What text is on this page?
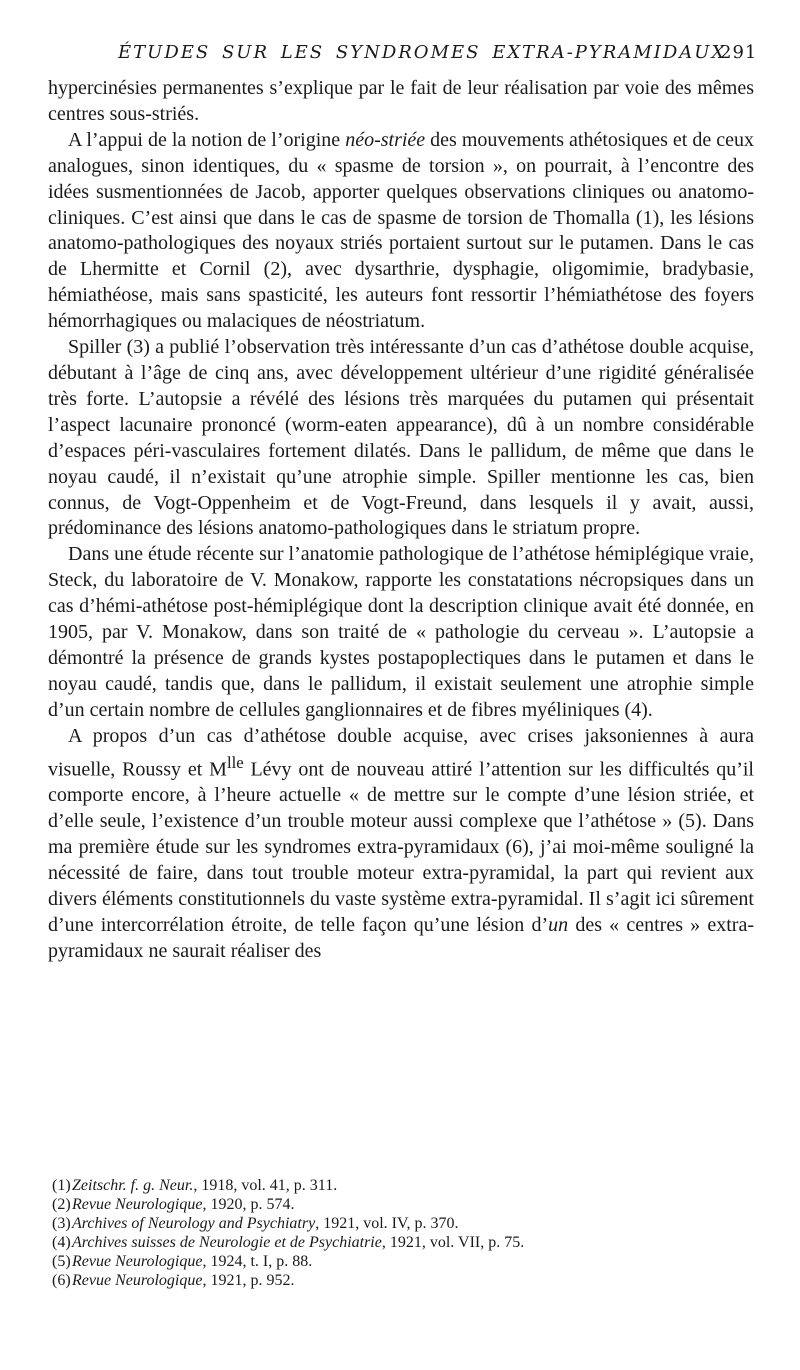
ÉTUDES SUR LES SYNDROMES EXTRA-PYRAMIDAUX
291

hypercinésies permanentes s’explique par le fait de leur réalisation par voie des mêmes centres sous-striés.

A l’appui de la notion de l’origine néo-striée des mouvements athétosiques et de ceux analogues, sinon identiques, du « spasme de torsion », on pourrait, à l’encontre des idées susmentionnées de Jacob, apporter quelques observations cliniques ou anatomo-cliniques. C’est ainsi que dans le cas de spasme de torsion de Thomalla (1), les lésions anatomo-pathologiques des noyaux striés portaient surtout sur le putamen. Dans le cas de Lhermitte et Cornil (2), avec dysarthrie, dysphagie, oligomimie, bradybasie, hémiathéose, mais sans spasticité, les auteurs font ressortir l’hémiathétose des foyers hémorrhagiques ou malaciques de néostriatum.

Spiller (3) a publié l’observation très intéressante d’un cas d’athétose double acquise, débutant à l’âge de cinq ans, avec développement ultérieur d’une rigidité généralisée très forte. L’autopsie a révélé des lésions très marquées du putamen qui présentait l’aspect lacunaire prononcé (worm-eaten appearance), dû à un nombre considérable d’espaces péri-vasculaires fortement dilatés. Dans le pallidum, de même que dans le noyau caudé, il n’existait qu’une atrophie simple. Spiller mentionne les cas, bien connus, de Vogt-Oppenheim et de Vogt-Freund, dans lesquels il y avait, aussi, prédominance des lésions anatomo-pathologiques dans le striatum propre.

Dans une étude récente sur l’anatomie pathologique de l’athétose hémiplégique vraie, Steck, du laboratoire de V. Monakow, rapporte les constatations nécropsiques dans un cas d’hémi-athétose post-hémiplégique dont la description clinique avait été donnée, en 1905, par V. Monakow, dans son traité de « pathologie du cerveau ». L’autopsie a démontré la présence de grands kystes postapoplectiques dans le putamen et dans le noyau caudé, tandis que, dans le pallidum, il existait seulement une atrophie simple d’un certain nombre de cellules ganglionnaires et de fibres myéliniques (4).

A propos d’un cas d’athétose double acquise, avec crises jaksoniennes à aura visuelle, Roussy et $M^{lle}$ Lévy ont de nouveau attiré l’attention sur les difficultés qu’il comporte encore, à l’heure actuelle « de mettre sur le compte d’une lésion striée, et d’elle seule, l’existence d’un trouble moteur aussi complexe que l’athétose » (5). Dans ma première étude sur les syndromes extra-pyramidaux (6), j’ai moi-même souligné la nécessité de faire, dans tout trouble moteur extra-pyramidal, la part qui revient aux divers éléments constitutionnels du vaste système extra-pyramidal. Il s’agit ici sûrement d’une intercorrélation étroite, de telle façon qu’une lésion d’un des « centres » extra-pyramidaux ne saurait réaliser des

(1)Zeitschr. f. g. Neur., 1918, vol. 41, p. 311.
(2)Revue Neurologique, 1920, p. 574.
(3)Archives of Neurology and Psychiatry, 1921, vol. IV, p. 370.
(4)Archives suisses de Neurologie et de Psychiatrie, 1921, vol. VII, p. 75.
(5)Revue Neurologique, 1924, t. I, p. 88.
(6)Revue Neurologique, 1921, p. 952.
